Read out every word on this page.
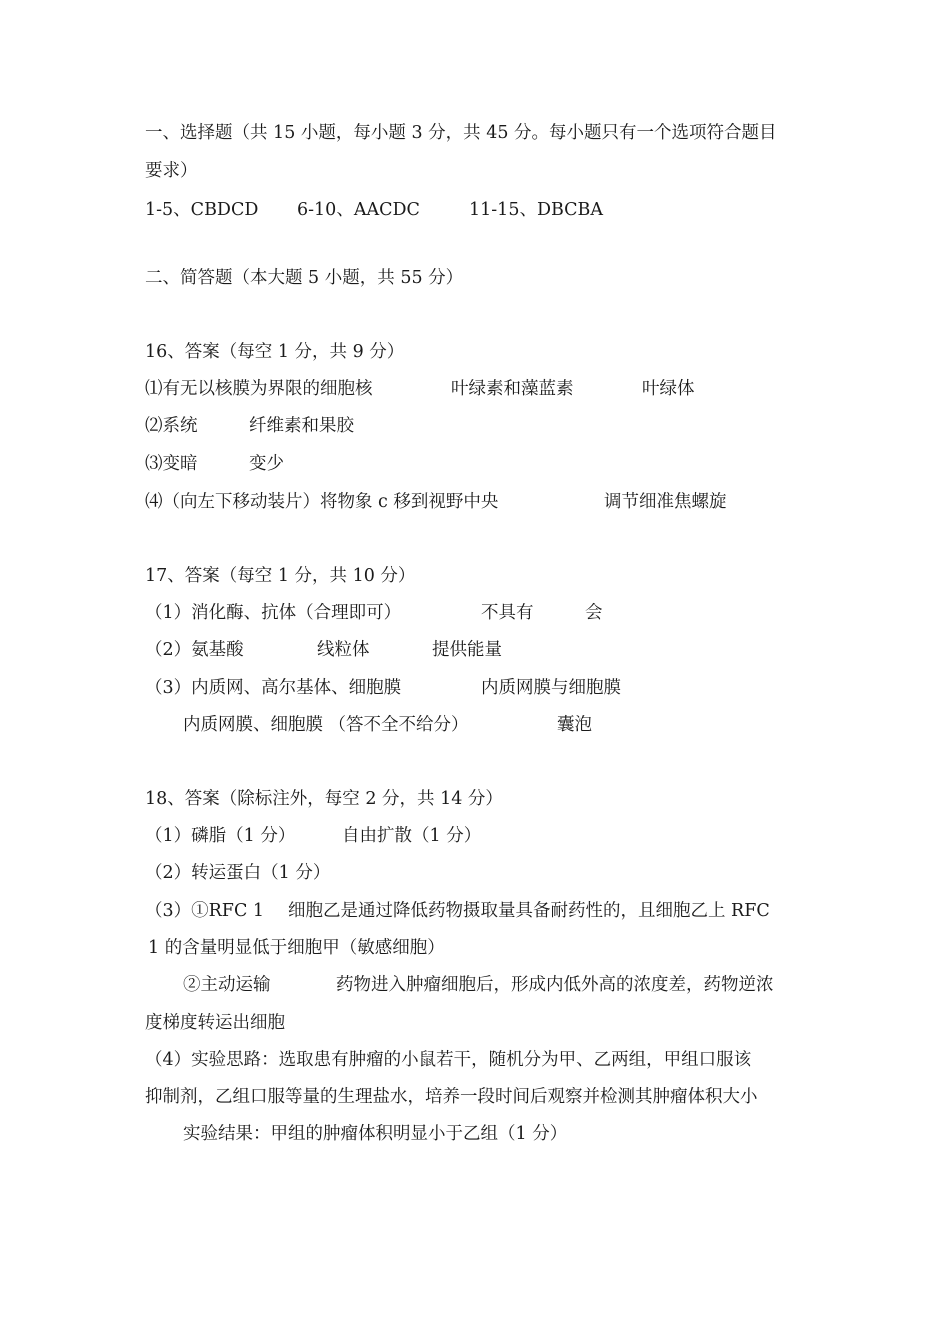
一、选择题（共 15 小题，每小题 3 分，共 45 分。每小题只有一个选项符合题目
要求）
1-5、CBDCD 6-10、AACDC	11-15、DBCBA
二、简答题（本大题 5 小题，共 55 分）
16、答案（每空 1 分，共 9 分）
⑴有无以核膜为界限的细胞核	叶绿素和藻蓝素	叶绿体
⑵系统	纤维素和果胶
⑶变暗	变少
⑷（向左下移动装片）将物象 c 移到视野中央	调节细准焦螺旋
17、答案（每空 1 分，共 10 分）
（1）消化酶、抗体（合理即可）	不具有	会
（2）氨基酸	线粒体	提供能量
（3）内质网、高尔基体、细胞膜	内质网膜与细胞膜
内质网膜、细胞膜 （答不全不给分）	囊泡
18、答案（除标注外，每空 2 分，共 14 分）
（1）磷脂（1 分）	自由扩散（1 分）
（2）转运蛋白（1 分）
（3）①RFC 1 细胞乙是通过降低药物摄取量具备耐药性的，且细胞乙上 RFC
1 的含量明显低于细胞甲（敏感细胞）
②主动运输	药物进入肿瘤细胞后，形成内低外高的浓度差，药物逆浓
度梯度转运出细胞
（4）实验思路：选取患有肿瘤的小鼠若干，随机分为甲、乙两组，甲组口服该
抑制剂，乙组口服等量的生理盐水，培养一段时间后观察并检测其肿瘤体积大小
实验结果：甲组的肿瘤体积明显小于乙组（1 分）
